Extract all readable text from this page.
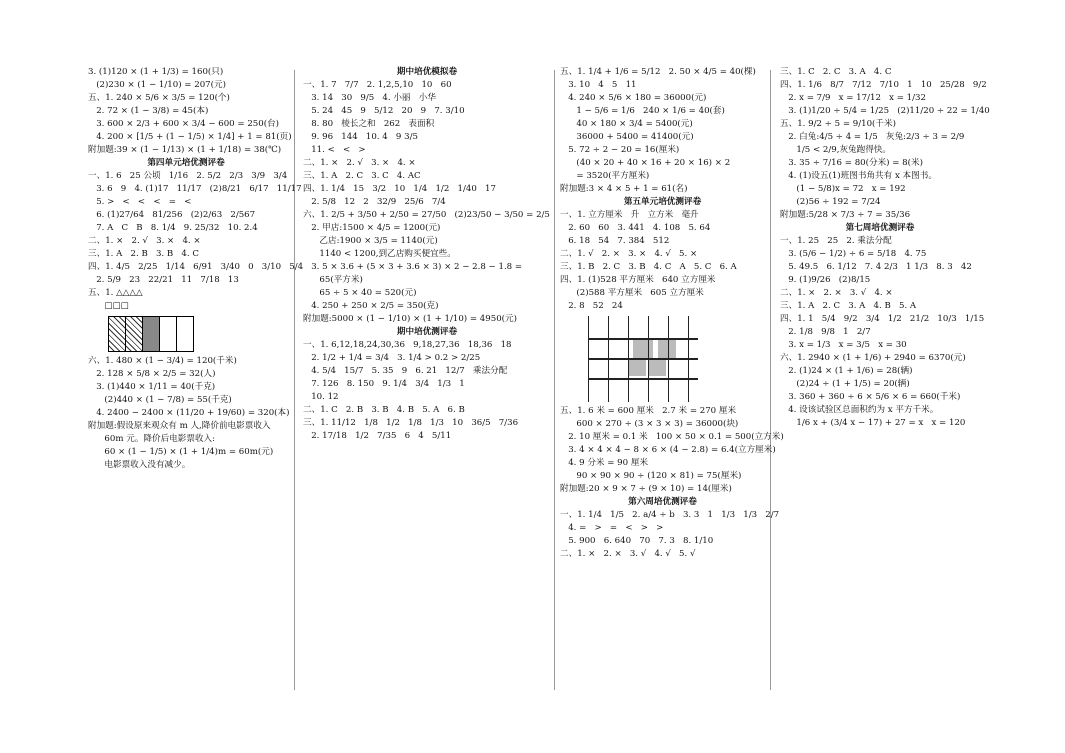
3. (1)120 × (1 + 1/3) = 160(只)
(2)230 × (1 − 1/10) = 207(元)
五、1. 240 × 5/6 × 3/5 = 120(个)
2. 72 × (1 − 3/8) = 45(本)
3. 600 × 2/3 + 600 × 3/4 − 600 = 250(台)
4. 200 × [1/5 + (1 − 1/5) × 1/4] + 1 = 81(页)
附加题:39 × (1 − 1/13) × (1 + 1/18) = 38(℃)
第四单元培优测评卷
一、1. 6   25 公顷   1/16   2. 5/2   2/3   3/9   3/4
3. 6   9   4. (1)17   11/17   (2)8/21   6/17   11/17
5. >   <   <   <   =   <
6. (1)27/64   81/256   (2)2/63   2/567
7. A   C   B   8. 1/4   9. 25/32   10. 2.4
二、1. ×   2. √   3. ×   4. ×
三、1. A   2. B   3. B   4. C
四、1. 4/5   2/25   1/14   6/91   3/40   0   3/10   5/4
2. 5/9   23   22/21   11   7/18   13
五、1. △△△△
□□□
六、1. 480 × (1 − 3/4) = 120(千米)
2. 128 × 5/8 × 2/5 = 32(人)
3. (1)440 × 1/11 = 40(千克)
(2)440 × (1 − 7/8) = 55(千克)
4. 2400 − 2400 × (11/20 + 19/60) = 320(本)
附加题:假设原来观众有 m 人,降价前电影票收入
60m 元。降价后电影票收入:
60 × (1 − 1/5) × (1 + 1/4)m = 60m(元)
电影票收入没有减少。
期中培优模拟卷
一、1. 7   7/7   2. 1,2,5,10   10   60
3. 14   30   9/5   4. 小丽   小华
5. 24   45   9   5/12   20   9   7. 3/10
8. 80   棱长之和   262   表面积
9. 96   144   10. 4   9 3/5
11. <   <   >
二、1. ×   2. √   3. ×   4. ×
三、1. A   2. C   3. C   4. AC
四、1. 1/4   15   3/2   10   1/4   1/2   1/40   17
2. 5/8   12   2   32/9   25/6   7/4
六、1. 2/5 + 3/50 + 2/50 = 27/50   (2)23/50 − 3/50 = 2/5
2. 甲店:1500 × 4/5 = 1200(元)
乙店:1900 × 3/5 = 1140(元)
1140 < 1200,到乙店购买便宜些。
3. 5 × 3.6 + (5 × 3 + 3.6 × 3) × 2 − 2.8 − 1.8 =
65(平方米)
65 ÷ 5 × 40 = 520(元)
4. 250 + 250 × 2/5 = 350(克)
附加题:5000 × (1 − 1/10) × (1 + 1/10) = 4950(元)
期中培优测评卷
一、1. 6,12,18,24,30,36   9,18,27,36   18,36   18
2. 1/2 + 1/4 = 3/4   3. 1/4 > 0.2 > 2/25
4. 5/4   15/7   5. 35   9   6. 21   12/7   乘法分配
7. 126   8. 150   9. 1/4   3/4   1/3   1
10. 12
二、1. C   2. B   3. B   4. B   5. A   6. B
三、1. 11/12   1/8   1/2   1/8   1/3   10   36/5   7/36
2. 17/18   1/2   7/35   6   4   5/11
五、1. 1/4 + 1/6 = 5/12   2. 50 × 4/5 = 40(棵)
3. 10   4   5   11
4. 240 × 5/6 × 180 = 36000(元)
1 − 5/6 = 1/6   240 × 1/6 = 40(套)
40 × 180 × 3/4 = 5400(元)
36000 + 5400 = 41400(元)
5. 72 ÷ 2 − 20 = 16(厘米)
(40 × 20 + 40 × 16 + 20 × 16) × 2
= 3520(平方厘米)
附加题:3 × 4 × 5 + 1 = 61(名)
第五单元培优测评卷
一、1. 立方厘米   升   立方米   毫升
2. 60   60   3. 441   4. 108   5. 64
6. 18   54   7. 384   512
二、1. √   2. ×   3. ×   4. √   5. ×
三、1. B   2. C   3. B   4. C   A   5. C   6. A
四、1. (1)528 平方厘米   640 立方厘米
(2)588 平方厘米   605 立方厘米
2. 8   52   24
五、1. 6 米 = 600 厘米   2.7 米 = 270 厘米
600 × 270 ÷ (3 × 3 × 3) = 36000(块)
2. 10 厘米 = 0.1 米   100 × 50 × 0.1 = 500(立方米)
3. 4 × 4 × 4 − 8 × 6 × (4 − 2.8) = 6.4(立方厘米)
4. 9 分米 = 90 厘米
90 × 90 × 90 ÷ (120 × 81) = 75(厘米)
附加题:20 × 9 × 7 ÷ (9 × 10) = 14(厘米)
第六周培优测评卷
一、1. 1/4   1/5   2. a/4 ÷ b   3. 3   1   1/3   1/3   2/7
4. =   >   =   <   >   >
5. 900   6. 640   70   7. 3   8. 1/10
二、1. ×   2. ×   3. √   4. √   5. √
三、1. C   2. C   3. A   4. C
四、1. 1/6   8/7   7/12   7/10   1   10   25/28   9/2
2. x = 7/9   x = 17/12   x = 1/32
3. (1)1/20 ÷ 5/4 = 1/25   (2)11/20 ÷ 22 = 1/40
五、1. 9/2 ÷ 5 = 9/10(千米)
2. 白兔:4/5 ÷ 4 = 1/5   灰兔:2/3 ÷ 3 = 2/9
1/5 < 2/9,灰兔跑得快。
3. 35 ÷ 7/16 = 80(分米) = 8(米)
4. (1)设五(1)班图书角共有 x 本图书。
(1 − 5/8)x = 72   x = 192
(2)56 ÷ 192 = 7/24
附加题:5/28 × 7/3 ÷ 7 = 35/36
第七周培优测评卷
一、1. 25   25   2. 乘法分配
3. (5/6 − 1/2) ÷ 6 = 5/18   4. 75
5. 49.5   6. 1/12   7. 4 2/3   1 1/3   8. 3   42
9. (1)9/26   (2)8/15
二、1. ×   2. ×   3. √   4. ×
三、1. A   2. C   3. A   4. B   5. A
四、1. 1   5/4   9/2   3/4   1/2   21/2   10/3   1/15
2. 1/8   9/8   1   2/7
3. x = 1/3   x = 3/5   x = 30
六、1. 2940 × (1 + 1/6) + 2940 = 6370(元)
2. (1)24 × (1 + 1/6) = 28(辆)
(2)24 ÷ (1 + 1/5) = 20(辆)
3. 360 + 360 ÷ 6 × 5/6 × 6 = 660(千米)
4. 设该试验区总面积约为 x 平方千米。
1/6 x + (3/4 x − 17) + 27 = x   x = 120
